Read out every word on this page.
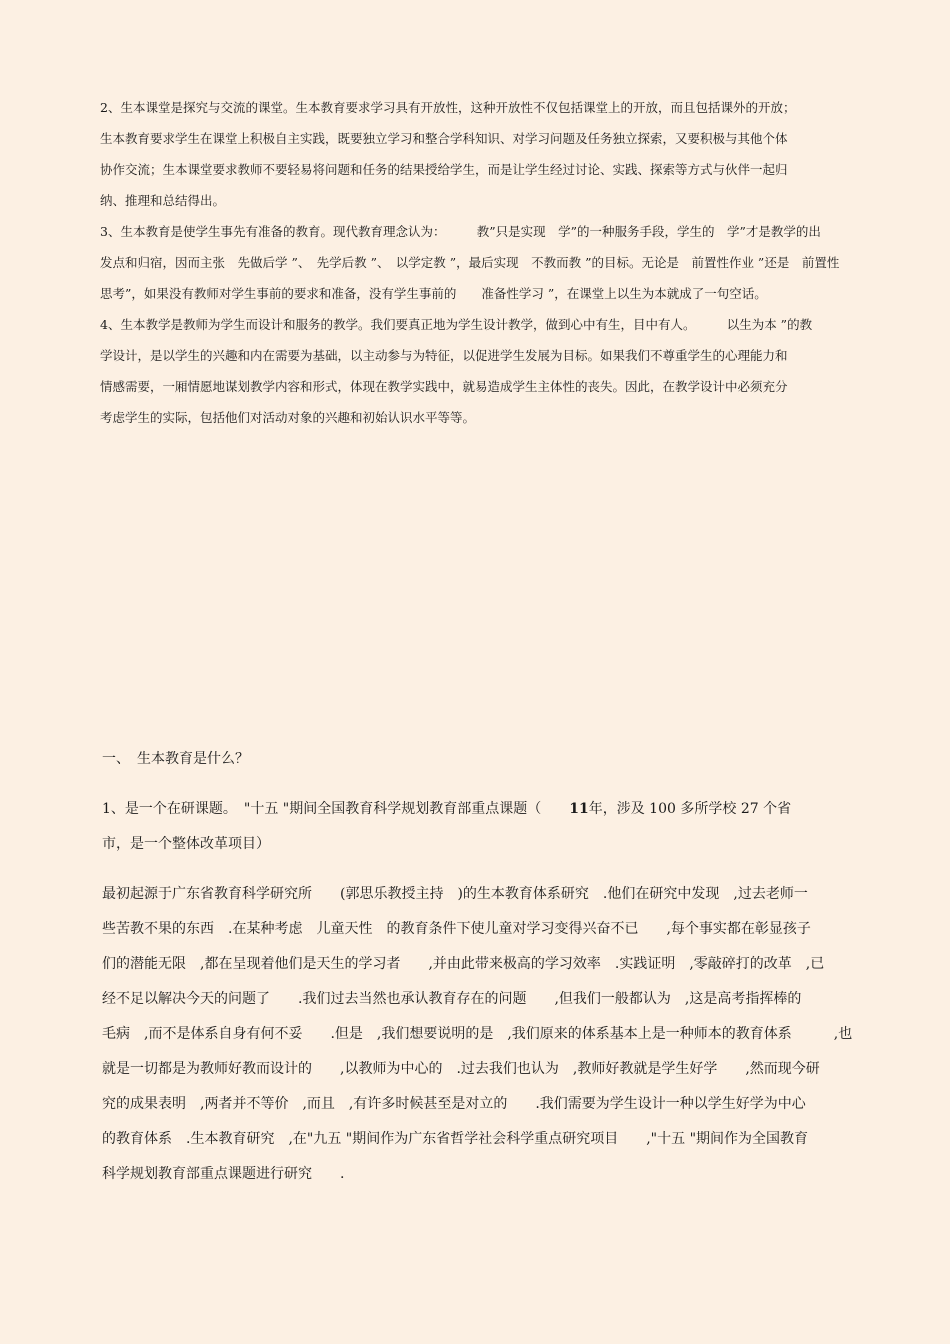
2、生本课堂是探究与交流的课堂。生本教育要求学习具有开放性，这种开放性不仅包括课堂上的开放，而且包括课外的开放；

生本教育要求学生在课堂上积极自主实践，既要独立学习和整合学科知识、对学习问题及任务独立探索，又要积极与其他个体

协作交流；生本课堂要求教师不要轻易将问题和任务的结果授给学生，而是让学生经过讨论、实践、探索等方式与伙伴一起归

纳、推理和总结得出。

3、生本教育是使学生事先有准备的教育。现代教育理念认为：　　　教”只是实现　学”的一种服务手段，学生的　学”才是教学的出

发点和归宿，因而主张　先做后学 ”、　先学后教 ”、　以学定教 ”，最后实现　不教而教 ”的目标。无论是　前置性作业 ”还是　前置性

思考”，如果没有教师对学生事前的要求和准备，没有学生事前的　　准备性学习 ”，在课堂上以生为本就成了一句空话。

4、生本教学是教师为学生而设计和服务的教学。我们要真正地为学生设计教学，做到心中有生，目中有人。　　　以生为本 ”的教

学设计，是以学生的兴趣和内在需要为基础，以主动参与为特征，以促进学生发展为目标。如果我们不尊重学生的心理能力和

情感需要，一厢情愿地谋划教学内容和形式，体现在教学实践中，就易造成学生主体性的丧失。因此，在教学设计中必须充分

考虑学生的实际，包括他们对活动对象的兴趣和初始认识水平等等。

一、　生本教育是什么？

1、是一个在研课题。　"十五 "期间全国教育科学规划教育部重点课题（　　11年，涉及 100 多所学校 27 个省

市，是一个整体改革项目）

最初起源于广东省教育科学研究所　　(郭思乐教授主持　)的生本教育体系研究　.他们在研究中发现　,过去老师一

些苦教不果的东西　.在某种考虑　儿童天性　的教育条件下使儿童对学习变得兴奋不已　　,每个事实都在彰显孩子

们的潜能无限　,都在呈现着他们是天生的学习者　　,并由此带来极高的学习效率　.实践证明　,零敲碎打的改革　,已

经不足以解决今天的问题了　　.我们过去当然也承认教育存在的问题　　,但我们一般都认为　,这是高考指挥棒的

毛病　,而不是体系自身有何不妥　　.但是　,我们想要说明的是　,我们原来的体系基本上是一种师本的教育体系　　　,也

就是一切都是为教师好教而设计的　　,以教师为中心的　.过去我们也认为　,教师好教就是学生好学　　,然而现今研

究的成果表明　,两者并不等价　,而且　,有许多时候甚至是对立的　　.我们需要为学生设计一种以学生好学为中心

的教育体系　.生本教育研究　,在"九五 "期间作为广东省哲学社会科学重点研究项目　　,"十五 "期间作为全国教育

科学规划教育部重点课题进行研究　　.
